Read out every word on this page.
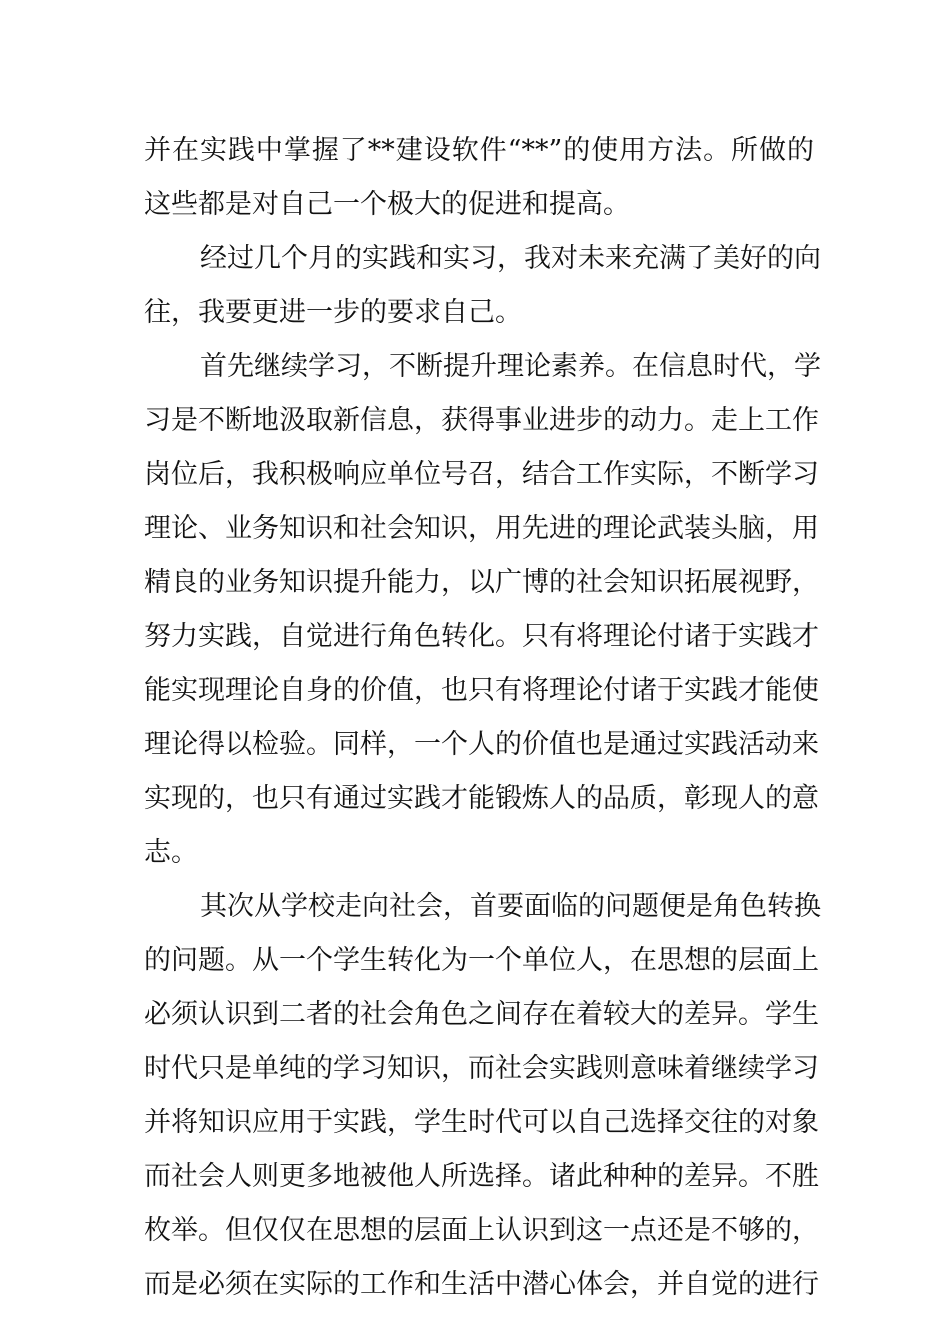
并在实践中掌握了**建设软件“**”的使用方法。所做的
这些都是对自己一个极大的促进和提高。
经过几个月的实践和实习，我对未来充满了美好的向
往，我要更进一步的要求自己。
首先继续学习，不断提升理论素养。在信息时代，学
习是不断地汲取新信息，获得事业进步的动力。走上工作
岗位后，我积极响应单位号召，结合工作实际，不断学习
理论、业务知识和社会知识，用先进的理论武装头脑，用
精良的业务知识提升能力，以广博的社会知识拓展视野，
努力实践，自觉进行角色转化。只有将理论付诸于实践才
能实现理论自身的价值，也只有将理论付诸于实践才能使
理论得以检验。同样，一个人的价值也是通过实践活动来
实现的，也只有通过实践才能锻炼人的品质，彰现人的意
志。
其次从学校走向社会，首要面临的问题便是角色转换
的问题。从一个学生转化为一个单位人，在思想的层面上
必须认识到二者的社会角色之间存在着较大的差异。学生
时代只是单纯的学习知识，而社会实践则意味着继续学习
并将知识应用于实践，学生时代可以自己选择交往的对象
而社会人则更多地被他人所选择。诸此种种的差异。不胜
枚举。但仅仅在思想的层面上认识到这一点还是不够的，
而是必须在实际的工作和生活中潜心体会，并自觉的进行
